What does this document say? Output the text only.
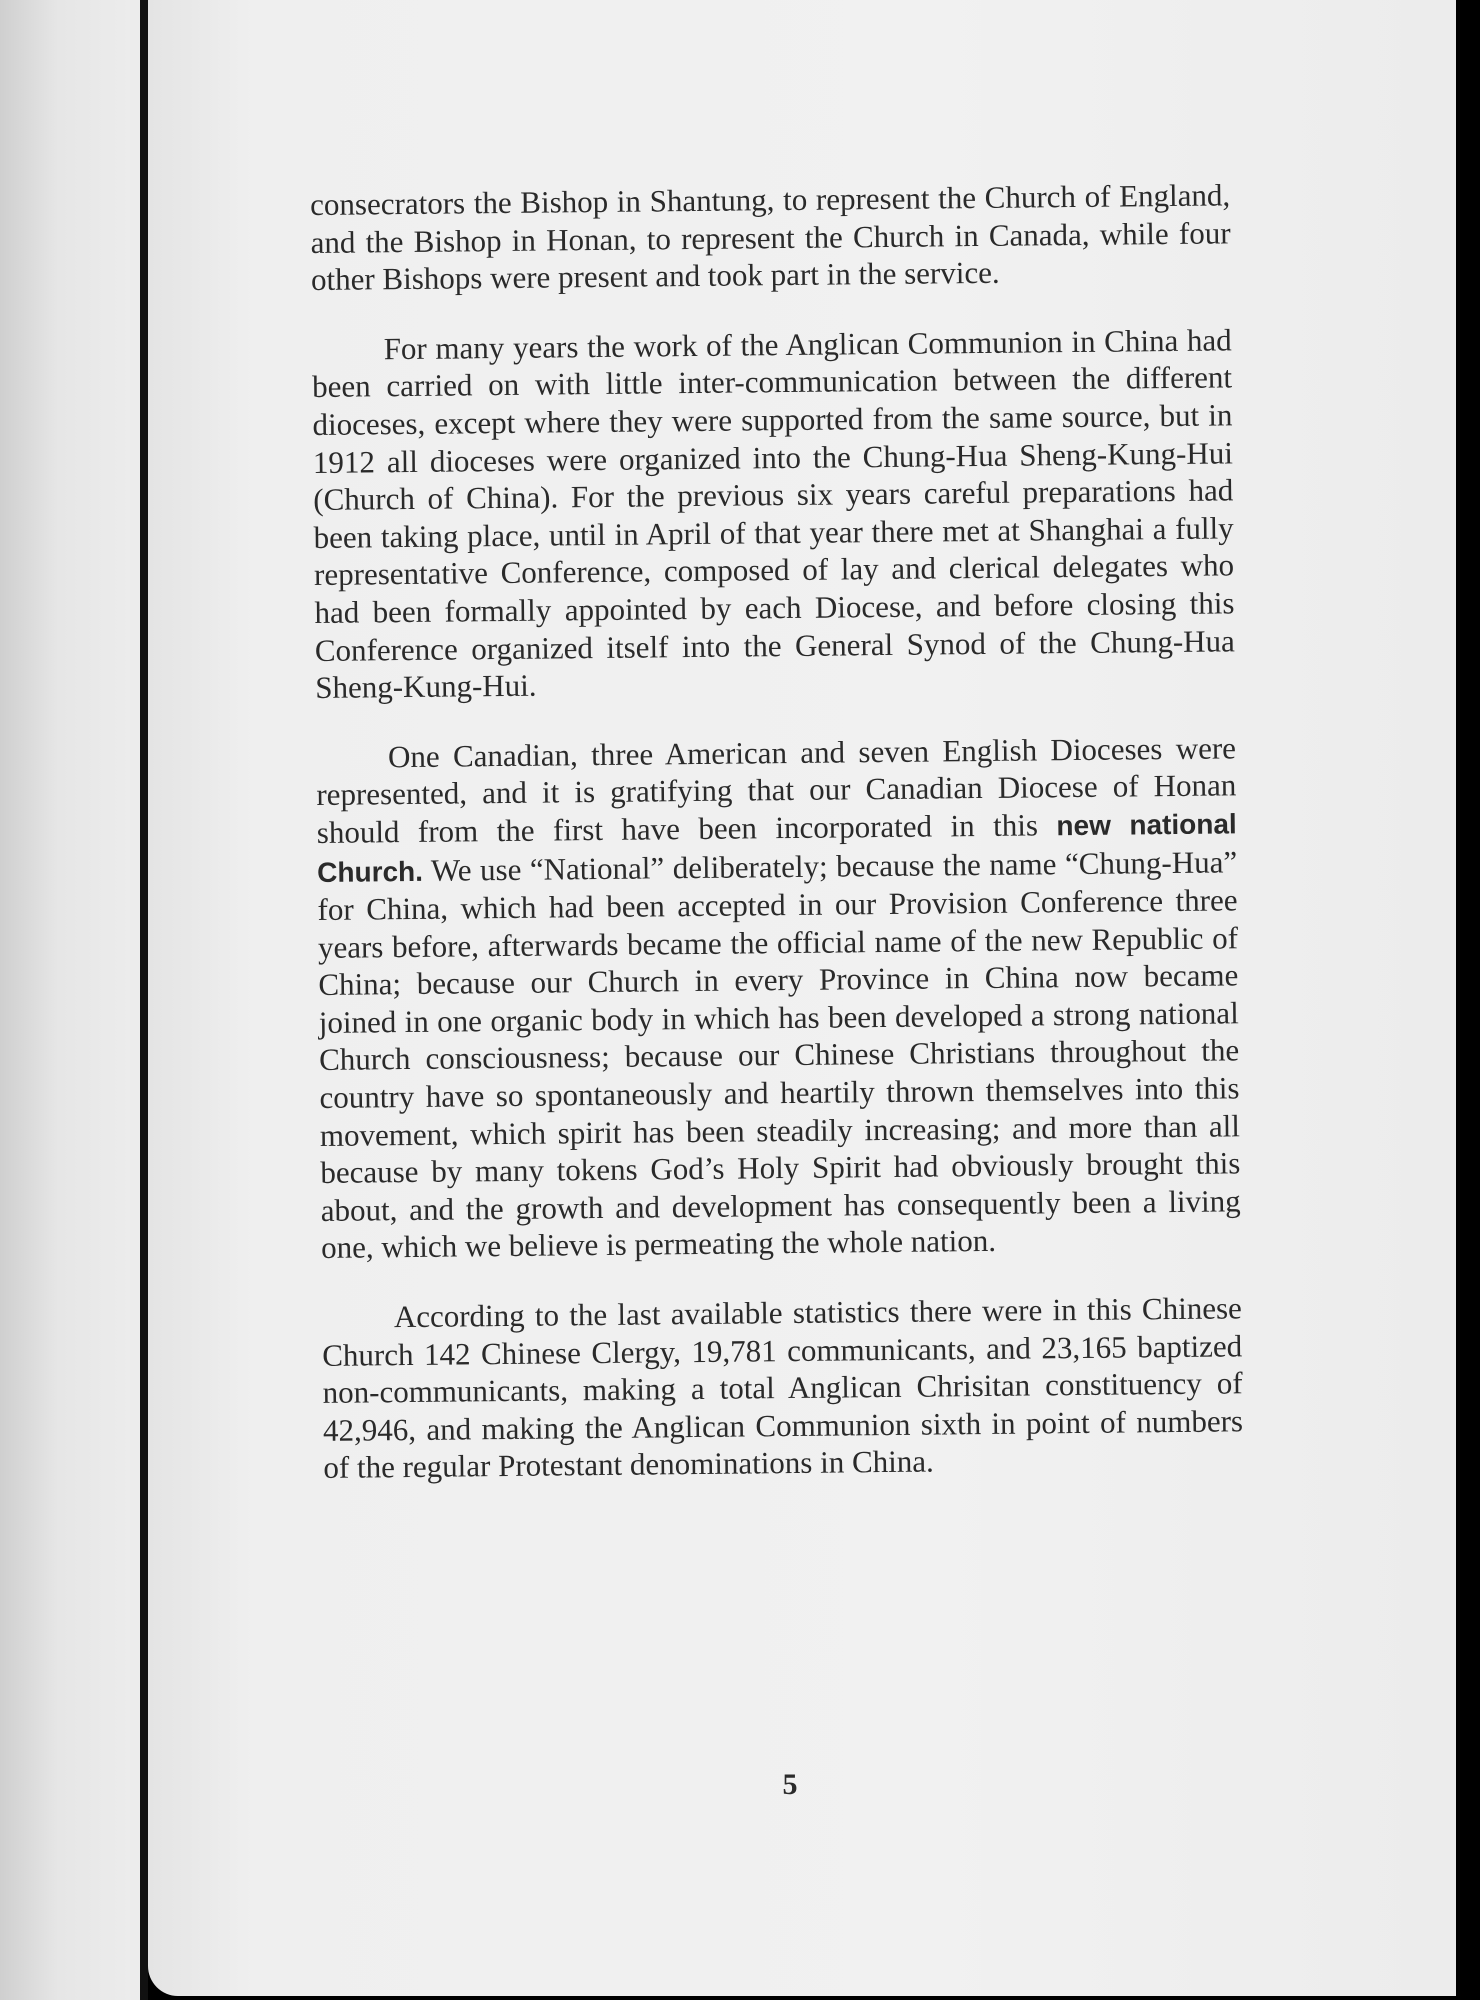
consecrators the Bishop in Shantung, to represent the Church of England, and the Bishop in Honan, to represent the Church in Canada, while four other Bishops were present and took part in the service.

For many years the work of the Anglican Communion in China had been carried on with little inter-communication between the different dioceses, except where they were supported from the same source, but in 1912 all dioceses were organized into the Chung-Hua Sheng-Kung-Hui (Church of China). For the previous six years careful preparations had been taking place, until in April of that year there met at Shanghai a fully representative Conference, composed of lay and clerical delegates who had been formally appointed by each Diocese, and before closing this Conference organized itself into the General Synod of the Chung-Hua Sheng-Kung-Hui.

One Canadian, three American and seven English Dioceses were represented, and it is gratifying that our Canadian Diocese of Honan should from the first have been incorporated in this new national Church. We use “National” deliberately; because the name “Chung-Hua” for China, which had been accepted in our Provision Conference three years before, afterwards became the official name of the new Republic of China; because our Church in every Province in China now became joined in one organic body in which has been developed a strong national Church consciousness; because our Chinese Christians throughout the country have so spontaneously and heartily thrown themselves into this movement, which spirit has been steadily increasing; and more than all because by many tokens God’s Holy Spirit had obviously brought this about, and the growth and development has consequently been a living one, which we believe is permeating the whole nation.

According to the last available statistics there were in this Chinese Church 142 Chinese Clergy, 19,781 communicants, and 23,165 baptized non-communicants, making a total Anglican Chrisitan constituency of 42,946, and making the Anglican Communion sixth in point of numbers of the regular Protestant denominations in China.

5
